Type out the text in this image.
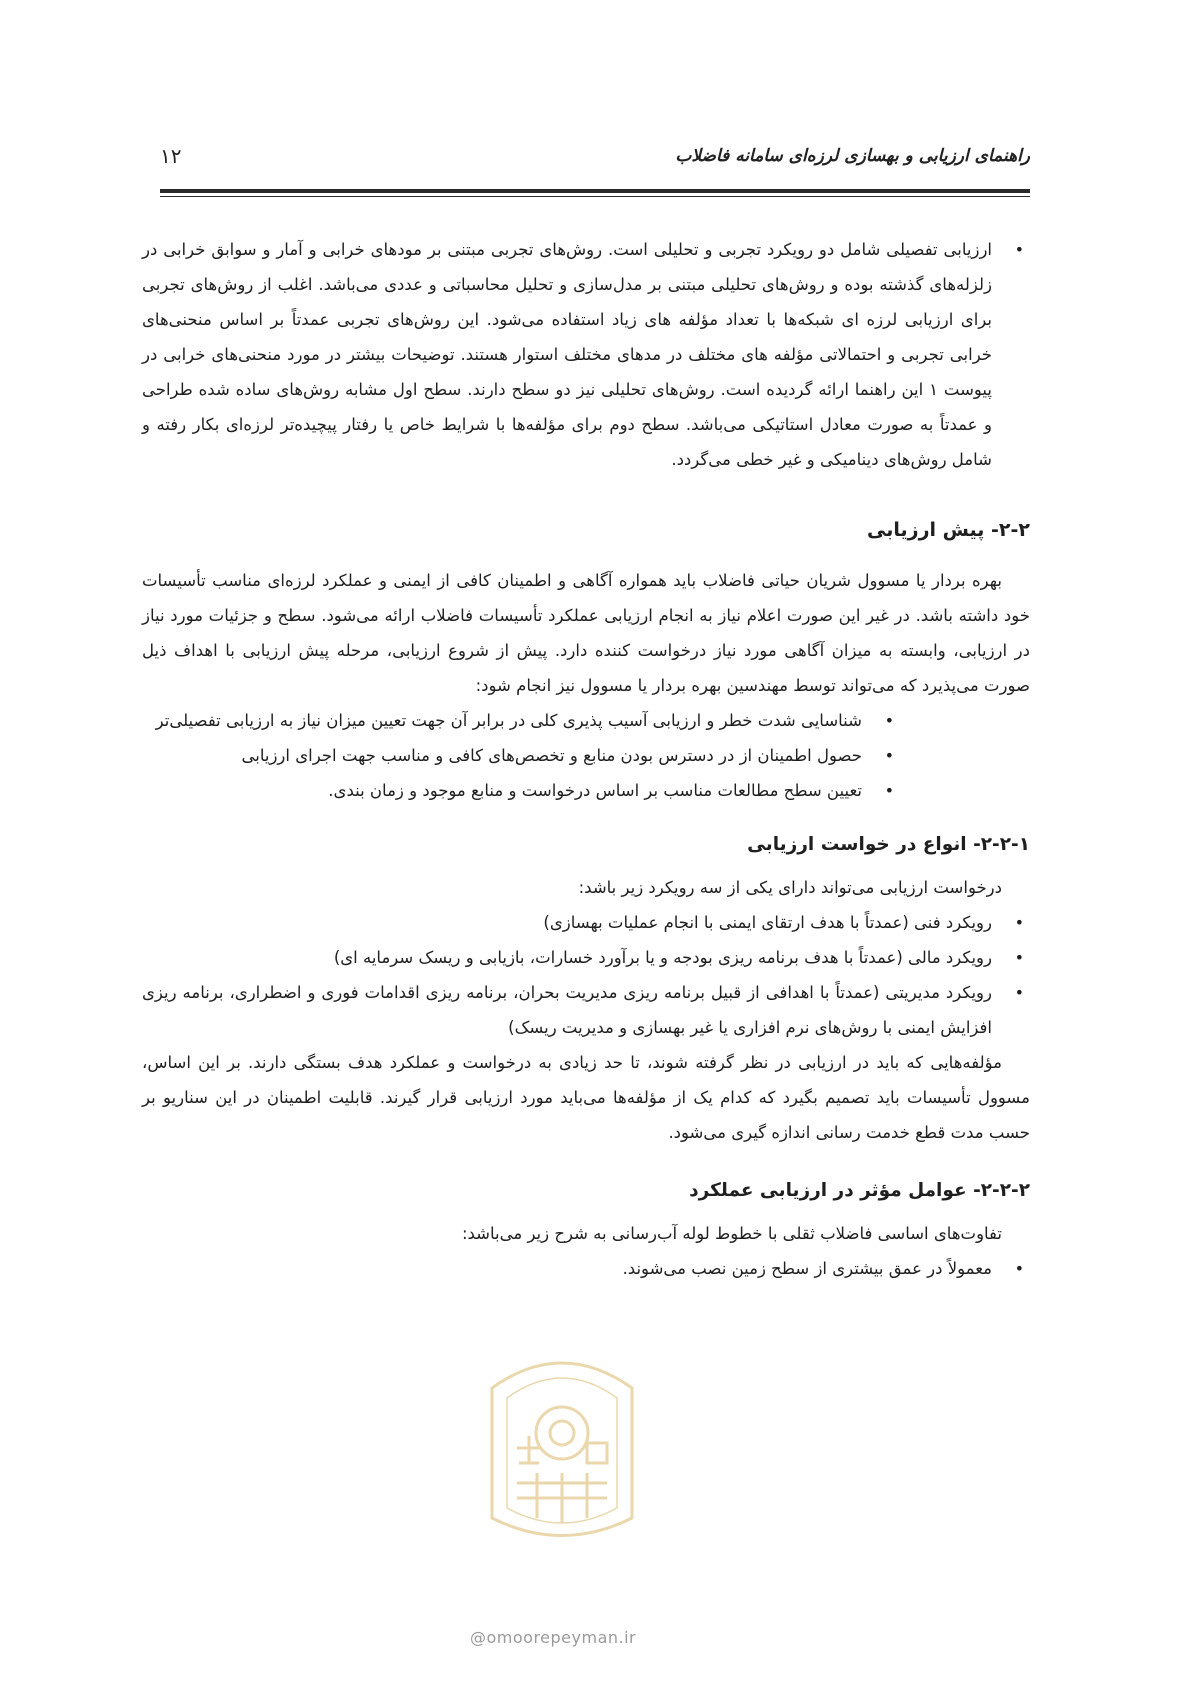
راهنمای ارزیابی و بهسازی لرزه‌ای سامانه فاضلاب
۱۲
• ارزیابی تفصیلی شامل دو رویکرد تجربی و تحلیلی است. روش‌های تجربی مبتنی بر مودهای خرابی و آمار و سوابق خرابی در زلزله‌های گذشته بوده و روش‌های تحلیلی مبتنی بر مدل‌سازی و تحلیل محاسباتی و عددی می‌باشد. اغلب از روش‌های تجربی برای ارزیابی لرزه ای شبکه‌ها با تعداد مؤلفه های زیاد استفاده می‌شود. این روش‌های تجربی عمدتاً بر اساس منحنی‌های خرابی تجربی و احتمالاتی مؤلفه های مختلف در مدهای مختلف استوار هستند. توضیحات بیشتر در مورد منحنی‌های خرابی در پیوست ۱ این راهنما ارائه گردیده است. روش‌های تحلیلی نیز دو سطح دارند. سطح اول مشابه روش‌های ساده شده طراحی و عمدتاً به صورت معادل استاتیکی می‌باشد. سطح دوم برای مؤلفه‌ها با شرایط خاص یا رفتار پیچیده‌تر لرزه‌ای بکار رفته و شامل روش‌های دینامیکی و غیر خطی می‌گردد.
۲-۲- پیش ارزیابی

بهره بردار یا مسوول شریان حیاتی فاضلاب باید همواره آگاهی و اطمینان کافی از ایمنی و عملکرد لرزه‌ای مناسب تأسیسات خود داشته باشد. در غیر این صورت اعلام نیاز به انجام ارزیابی عملکرد تأسیسات فاضلاب ارائه می‌شود. سطح و جزئیات مورد نیاز در ارزیابی، وابسته به میزان آگاهی مورد نیاز درخواست کننده دارد. پیش از شروع ارزیابی، مرحله پیش ارزیابی با اهداف ذیل صورت می‌پذیرد که می‌تواند توسط مهندسین بهره بردار یا مسوول نیز انجام شود:

• شناسایی شدت خطر و ارزیابی آسیب پذیری کلی در برابر آن جهت تعیین میزان نیاز به ارزیابی تفصیلی‌تر
• حصول اطمینان از در دسترس بودن منابع و تخصص‌های کافی و مناسب جهت اجرای ارزیابی
• تعیین سطح مطالعات مناسب بر اساس درخواست و منابع موجود و زمان بندی.
۲-۲-۱- انواع در خواست ارزیابی

درخواست ارزیابی می‌تواند دارای یکی از سه رویکرد زیر باشد:

• رویکرد فنی (عمدتاً با هدف ارتقای ایمنی با انجام عملیات بهسازی)
• رویکرد مالی (عمدتاً با هدف برنامه ریزی بودجه و یا برآورد خسارات، بازیابی و ریسک سرمایه ای)
• رویکرد مدیریتی (عمدتاً با اهدافی از قبیل برنامه ریزی مدیریت بحران، برنامه ریزی اقدامات فوری و اضطراری، برنامه ریزی افزایش ایمنی با روش‌های نرم افزاری یا غیر بهسازی و مدیریت ریسک)

مؤلفه‌هایی که باید در ارزیابی در نظر گرفته شوند، تا حد زیادی به درخواست و عملکرد هدف بستگی دارند. بر این اساس، مسوول تأسیسات باید تصمیم بگیرد که کدام یک از مؤلفه‌ها می‌باید مورد ارزیابی قرار گیرند. قابلیت اطمینان در این سناریو بر حسب مدت قطع خدمت رسانی اندازه گیری می‌شود.

۲-۲-۲- عوامل مؤثر در ارزیابی عملکرد

تفاوت‌های اساسی فاضلاب ثقلی با خطوط لوله آب‌رسانی به شرح زیر می‌باشد:

• معمولاً در عمق بیشتری از سطح زمین نصب می‌شوند.
@omoorepeyman.ir
